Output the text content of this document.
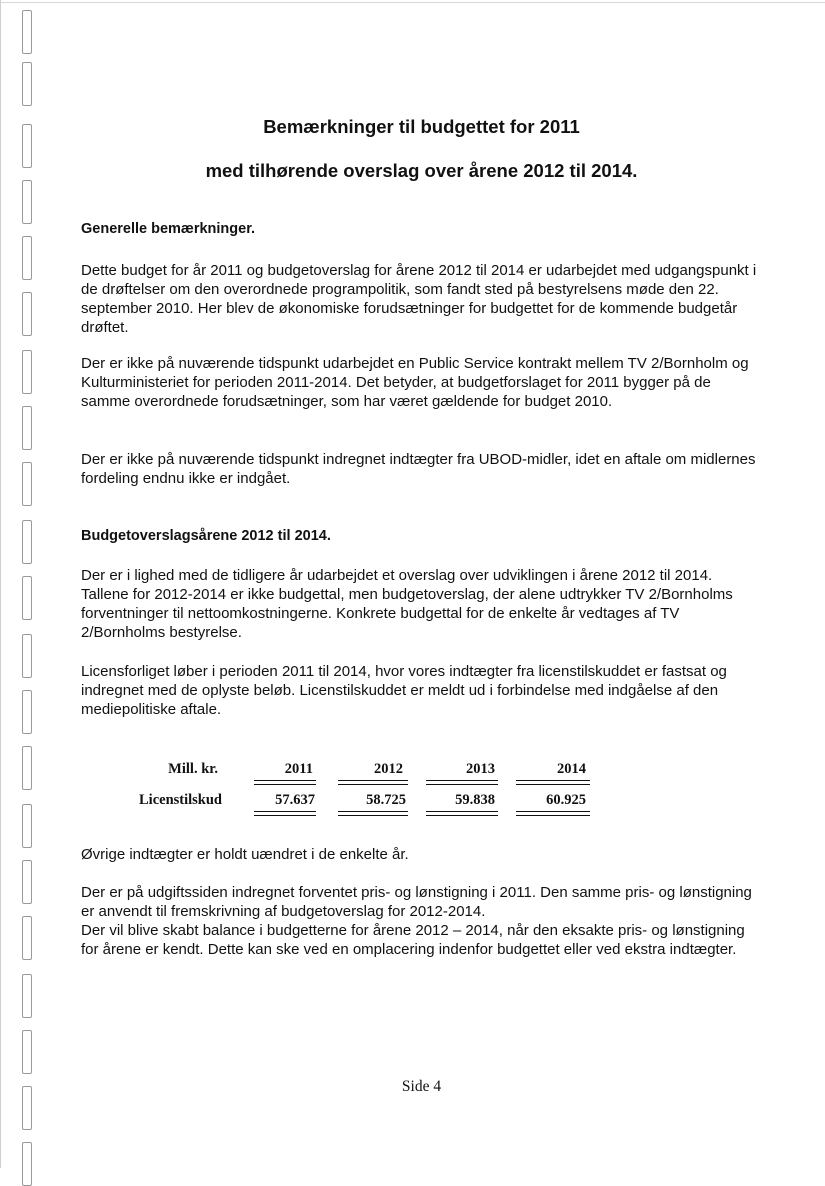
Bemærkninger til budgettet for 2011
med tilhørende overslag over årene 2012 til 2014.
Generelle bemærkninger.

Dette budget for år 2011 og budgetoverslag for årene 2012 til 2014 er udarbejdet med udgangspunkt i de drøftelser om den overordnede programpolitik, som fandt sted på bestyrelsens møde den 22. september 2010. Her blev de økonomiske forudsætninger for budgettet for de kommende budgetår drøftet.

Der er ikke på nuværende tidspunkt udarbejdet en Public Service kontrakt mellem TV 2/Bornholm og Kulturministeriet for perioden 2011-2014. Det betyder, at budgetforslaget for 2011 bygger på de samme overordnede forudsætninger, som har været gældende for budget 2010.

Der er ikke på nuværende tidspunkt indregnet indtægter fra UBOD-midler, idet en aftale om midlernes fordeling endnu ikke er indgået.

Budgetoverslagsårene 2012 til 2014.

Der er i lighed med de tidligere år udarbejdet et overslag over udviklingen i årene 2012 til 2014. Tallene for 2012-2014 er ikke budgettal, men budgetoverslag, der alene udtrykker TV 2/Bornholms forventninger til nettoomkostningerne. Konkrete budgettal for de enkelte år vedtages af TV 2/Bornholms bestyrelse.

Licensforliget løber i perioden 2011 til 2014, hvor vores indtægter fra licenstilskuddet er fastsat og indregnet med de oplyste beløb. Licenstilskuddet er meldt ud i forbindelse med indgåelse af den mediepolitiske aftale.

Mill. kr.	2011	2012	2013	2014
Licenstilskud	57.637	58.725	59.838	60.925

Øvrige indtægter er holdt uændret i de enkelte år.

Der er på udgiftssiden indregnet forventet pris- og lønstigning i 2011. Den samme pris- og lønstigning er anvendt til fremskrivning af budgetoverslag for 2012-2014.

Der vil blive skabt balance i budgetterne for årene 2012 – 2014, når den eksakte pris- og lønstigning for årene er kendt. Dette kan ske ved en omplacering indenfor budgettet eller ved ekstra indtægter.

Side 4
